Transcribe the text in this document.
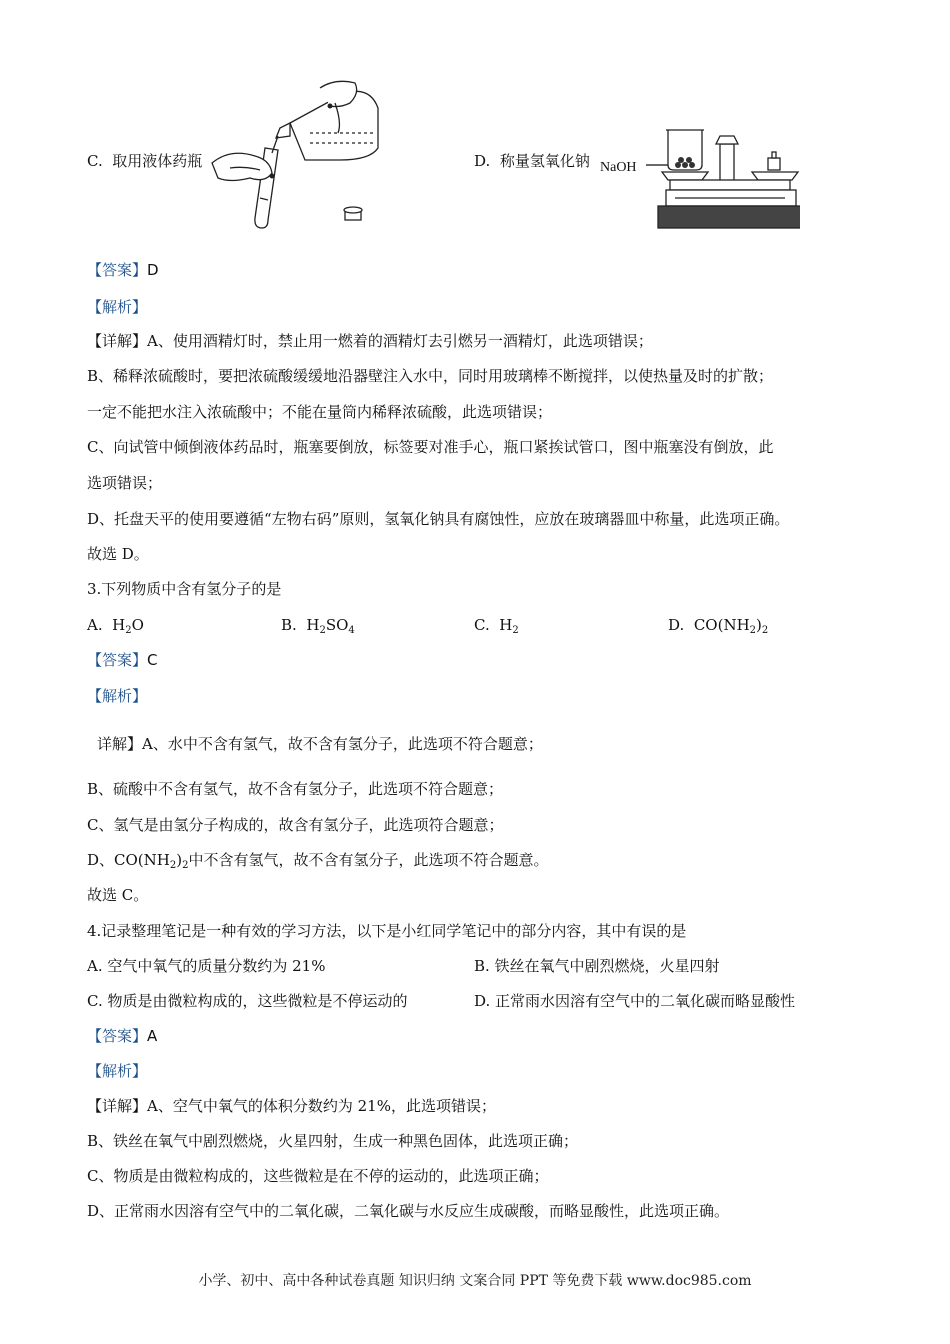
C. 取用液体药瓶	D. 称量氢氧化钠 NaOH
【答案】D
【解析】
【详解】A、使用酒精灯时，禁止用一燃着的酒精灯去引燃另一酒精灯，此选项错误；
B、稀释浓硫酸时，要把浓硫酸缓缓地沿器壁注入水中，同时用玻璃棒不断搅拌，以使热量及时的扩散；
一定不能把水注入浓硫酸中；不能在量筒内稀释浓硫酸，此选项错误；
C、向试管中倾倒液体药品时，瓶塞要倒放，标签要对准手心，瓶口紧挨试管口，图中瓶塞没有倒放，此
选项错误；
D、托盘天平的使用要遵循“左物右码”原则，氢氧化钠具有腐蚀性，应放在玻璃器皿中称量，此选项正确。
故选 D。
3.下列物质中含有氢分子的是
A. $H_2O$	B. $H_2SO_4$	C. $H_2$	D. $CO(NH_2)_2$
【答案】C
【解析】
详解】A、水中不含有氢气，故不含有氢分子，此选项不符合题意；
B、硫酸中不含有氢气，故不含有氢分子，此选项不符合题意；
C、氢气是由氢分子构成的，故含有氢分子，此选项符合题意；
D、$CO(NH_2)_2$中不含有氢气，故不含有氢分子，此选项不符合题意。
故选 C。
4.记录整理笔记是一种有效的学习方法，以下是小红同学笔记中的部分内容，其中有误的是
A. 空气中氧气的质量分数约为 21%	B. 铁丝在氧气中剧烈燃烧，火星四射
C. 物质是由微粒构成的，这些微粒是不停运动的	D. 正常雨水因溶有空气中的二氧化碳而略显酸性
【答案】A
【解析】
【详解】A、空气中氧气的体积分数约为 21%，此选项错误；
B、铁丝在氧气中剧烈燃烧，火星四射，生成一种黑色固体，此选项正确；
C、物质是由微粒构成的，这些微粒是在不停的运动的，此选项正确；
D、正常雨水因溶有空气中的二氧化碳，二氧化碳与水反应生成碳酸，而略显酸性，此选项正确。
小学、初中、高中各种试卷真题 知识归纳 文案合同 PPT 等免费下载 www.doc985.com
